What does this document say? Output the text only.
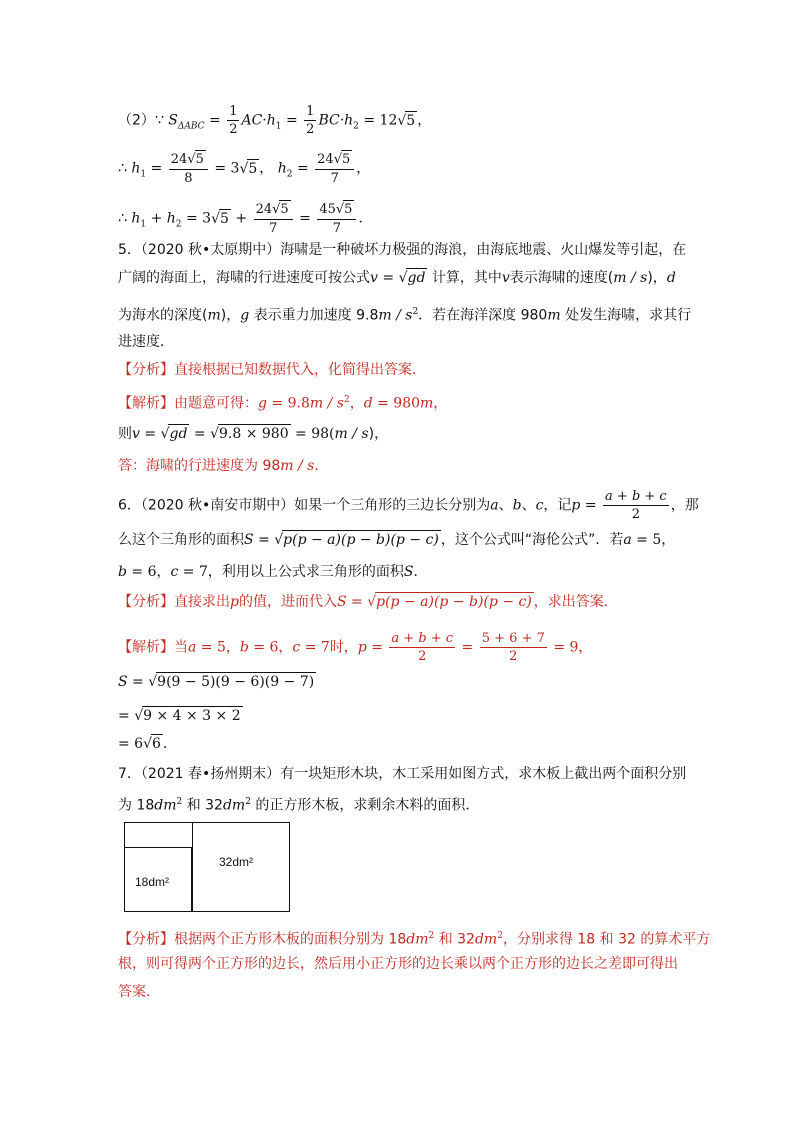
（2）∵ $S_{\Delta ABC} = \frac{1}{2} AC\cdot h_1 = \frac{1}{2} BC\cdot h_2 = 12√5$ ，
∴ $h_1 = \frac{24√5}{8} = 3√5$ ， $h_2 = \frac{24√5}{7}$ ，
∴ $h_1 + h_2 = 3√5 + \frac{24√5}{7} = \frac{45√5}{7}$ ．
5．（2020 秋•太原期中）海啸是一种破坏力极强的海浪，由海底地震、火山爆发等引起，在
广阔的海面上，海啸的行进速度可按公式v = √gd 计算，其中v表示海啸的速度(m / s)，d
为海水的深度(m)，g 表示重力加速度 $9.8m / s^2$．若在海洋深度 980m 处发生海啸，求其行
进速度．
【分析】直接根据已知数据代入，化简得出答案．
【解析】由题意可得：$g = 9.8m / s^2$，d = 980m，
则v = √gd = √9.8 × 980 = 98(m / s)，
答：海啸的行进速度为 98m / s．
6．（2020 秋•南安市期中）如果一个三角形的三边长分别为a、b、c，记$p = \frac{a + b + c}{2}$ ，那
么这个三角形的面积S = √p(p − a)(p − b)(p − c) ，这个公式叫“海伦公式”．若a = 5，
b = 6，c = 7，利用以上公式求三角形的面积S．
【分析】直接求出p的值，进而代入S = √p(p − a)(p − b)(p − c) ，求出答案．
【解析】当a = 5，b = 6，c = 7时，$p = \frac{a + b + c}{2} = \frac{5 + 6 + 7}{2} = 9$，
S = √9(9 − 5)(9 − 6)(9 − 7)
= √9 × 4 × 3 × 2
= 6√6 ．
7．（2021 春•扬州期末）有一块矩形木块，木工采用如图方式，求木板上截出两个面积分别
为 $18dm^2$ 和 $32dm^2$ 的正方形木板，求剩余木料的面积．
18dm²
32dm²
【分析】根据两个正方形木板的面积分别为 $18dm^2$ 和 $32dm^2$，分别求得 18 和 32 的算术平方
根，则可得两个正方形的边长，然后用小正方形的边长乘以两个正方形的边长之差即可得出
答案．
